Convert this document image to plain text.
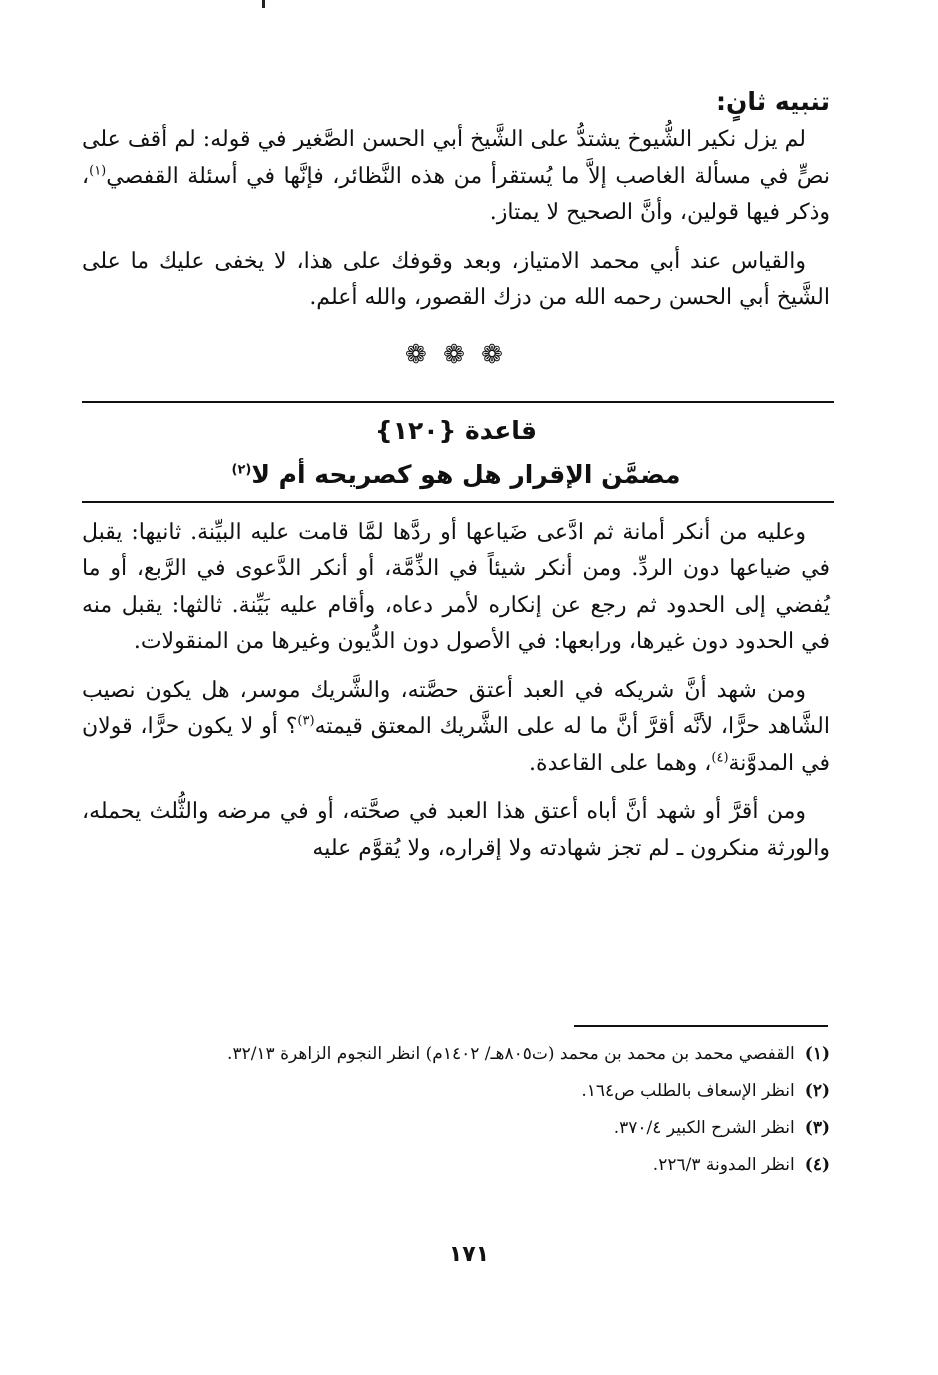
تنبيه ثانٍ:

لم يزل نكير الشُّيوخ يشتدُّ على الشَّيخ أبي الحسن الصَّغير في قوله: لم أقف على نصٍّ في مسألة الغاصب إلاَّ ما يُستقرأ من هذه النَّظائر، فإنَّها في أسئلة القفصي$^{(١)}$، وذكر فيها قولين، وأنَّ الصحيح لا يمتاز.

والقياس عند أبي محمد الامتياز، وبعد وقوفك على هذا، لا يخفى عليك ما على الشَّيخ أبي الحسن رحمه الله من دزك القصور، والله أعلم.

❁ ❁ ❁

قاعدة {١٢٠}

مضمَّن الإقرار هل هو كصريحه أم لا$^{(٢)}$

وعليه من أنكر أمانة ثم ادَّعى ضَياعها أو ردَّها لمَّا قامت عليه البيِّنة. ثانيها: يقبل في ضياعها دون الردِّ. ومن أنكر شيئاً في الذِّمَّة، أو أنكر الدَّعوى في الرَّبع، أو ما يُفضي إلى الحدود ثم رجع عن إنكاره لأمر دعاه، وأقام عليه بَيِّنة. ثالثها: يقبل منه في الحدود دون غيرها، ورابعها: في الأصول دون الدُّيون وغيرها من المنقولات.

ومن شهد أنَّ شريكه في العبد أعتق حصَّته، والشَّريك موسر، هل يكون نصيب الشَّاهد حرًّا، لأنَّه أقرَّ أنَّ ما له على الشَّريك المعتق قيمته$^{(٣)}$؟ أو لا يكون حرًّا، قولان في المدوَّنة$^{(٤)}$، وهما على القاعدة.

ومن أقرَّ أو شهد أنَّ أباه أعتق هذا العبد في صحَّته، أو في مرضه والثُّلث يحمله، والورثة منكرون ـ لم تجز شهادته ولا إقراره، ولا يُقوَّم عليه

(١)القفصي محمد بن محمد بن محمد (ت٨٠٥هـ/ ١٤٠٢م) انظر النجوم الزاهرة ٣٢/١٣.

(٢)انظر الإسعاف بالطلب ص١٦٤.

(٣)انظر الشرح الكبير ٣٧٠/٤.

(٤)انظر المدونة ٢٢٦/٣.

١٧١
